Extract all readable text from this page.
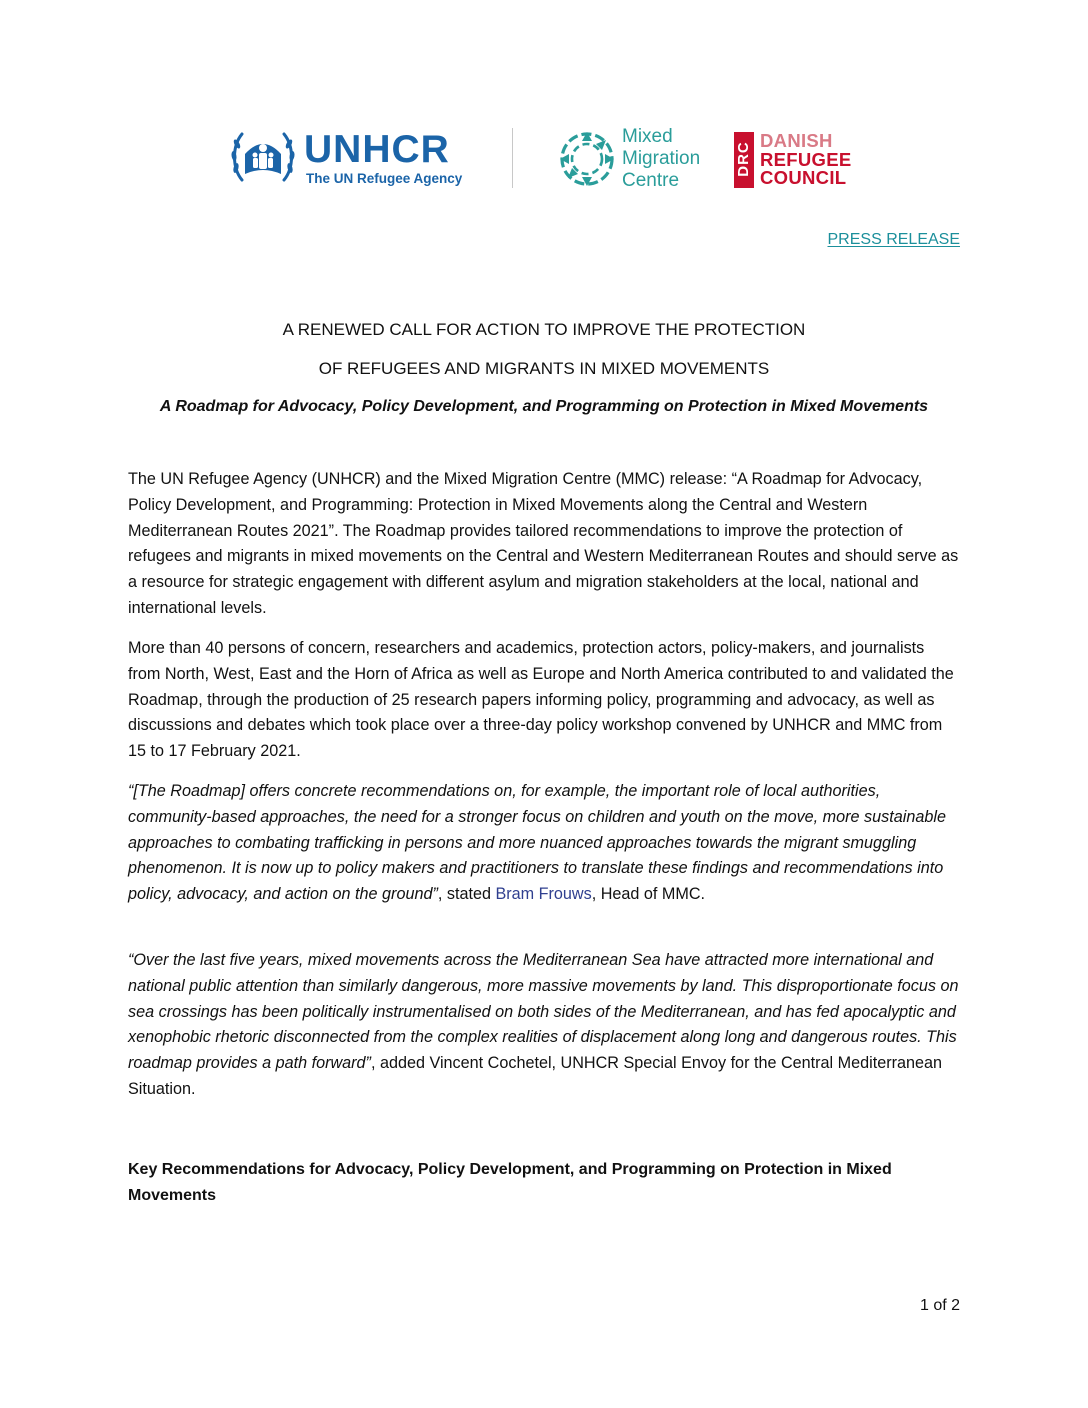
UNHCR
The UN Refugee Agency
Mixed
Migration
Centre
DRC
DANISH
REFUGEE
COUNCIL
PRESS RELEASE
A RENEWED CALL FOR ACTION TO IMPROVE THE PROTECTION
OF REFUGEES AND MIGRANTS IN MIXED MOVEMENTS
A Roadmap for Advocacy, Policy Development, and Programming on Protection in Mixed Movements

The UN Refugee Agency (UNHCR) and the Mixed Migration Centre (MMC) release: “A Roadmap for Advocacy, Policy Development, and Programming: Protection in Mixed Movements along the Central and Western Mediterranean Routes 2021”. The Roadmap provides tailored recommendations to improve the protection of refugees and migrants in mixed movements on the Central and Western Mediterranean Routes and should serve as a resource for strategic engagement with different asylum and migration stakeholders at the local, national and international levels.

More than 40 persons of concern, researchers and academics, protection actors, policy-makers, and journalists from North, West, East and the Horn of Africa as well as Europe and North America contributed to and validated the Roadmap, through the production of 25 research papers informing policy, programming and advocacy, as well as discussions and debates which took place over a three-day policy workshop convened by UNHCR and MMC from 15 to 17 February 2021.

“[The Roadmap] offers concrete recommendations on, for example, the important role of local authorities, community-based approaches, the need for a stronger focus on children and youth on the move, more sustainable approaches to combating trafficking in persons and more nuanced approaches towards the migrant smuggling phenomenon. It is now up to policy makers and practitioners to translate these findings and recommendations into policy, advocacy, and action on the ground”, stated Bram Frouws, Head of MMC.

“Over the last five years, mixed movements across the Mediterranean Sea have attracted more international and national public attention than similarly dangerous, more massive movements by land. This disproportionate focus on sea crossings has been politically instrumentalised on both sides of the Mediterranean, and has fed apocalyptic and xenophobic rhetoric disconnected from the complex realities of displacement along long and dangerous routes. This roadmap provides a path forward”, added Vincent Cochetel, UNHCR Special Envoy for the Central Mediterranean Situation.

Key Recommendations for Advocacy, Policy Development, and Programming on Protection in Mixed Movements
1 of 2
